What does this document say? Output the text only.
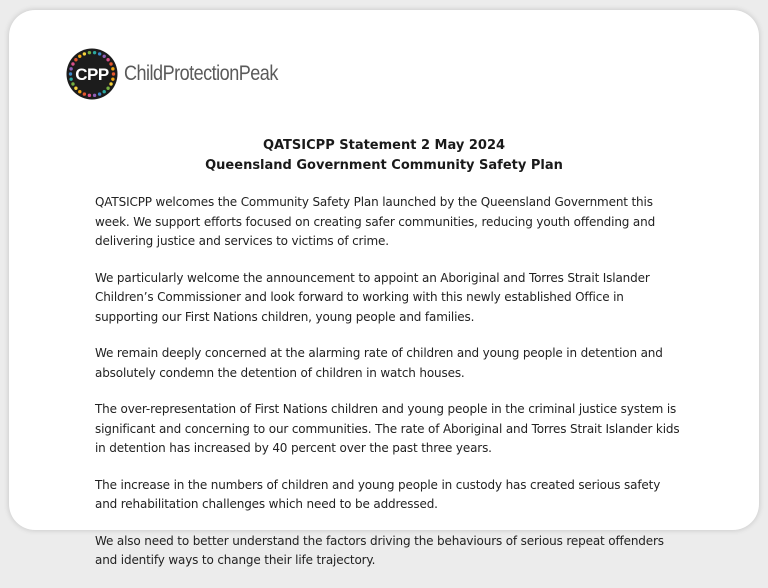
CPP ChildProtectionPeak
QATSICPP Statement 2 May 2024
Queensland Government Community Safety Plan

QATSICPP welcomes the Community Safety Plan launched by the Queensland Government this
week. We support efforts focused on creating safer communities, reducing youth offending and
delivering justice and services to victims of crime.

We particularly welcome the announcement to appoint an Aboriginal and Torres Strait Islander
Children’s Commissioner and look forward to working with this newly established Office in
supporting our First Nations children, young people and families.

We remain deeply concerned at the alarming rate of children and young people in detention and
absolutely condemn the detention of children in watch houses.

The over-representation of First Nations children and young people in the criminal justice system is
significant and concerning to our communities. The rate of Aboriginal and Torres Strait Islander kids
in detention has increased by 40 percent over the past three years.

The increase in the numbers of children and young people in custody has created serious safety
and rehabilitation challenges which need to be addressed.

We also need to better understand the factors driving the behaviours of serious repeat offenders
and identify ways to change their life trajectory.
